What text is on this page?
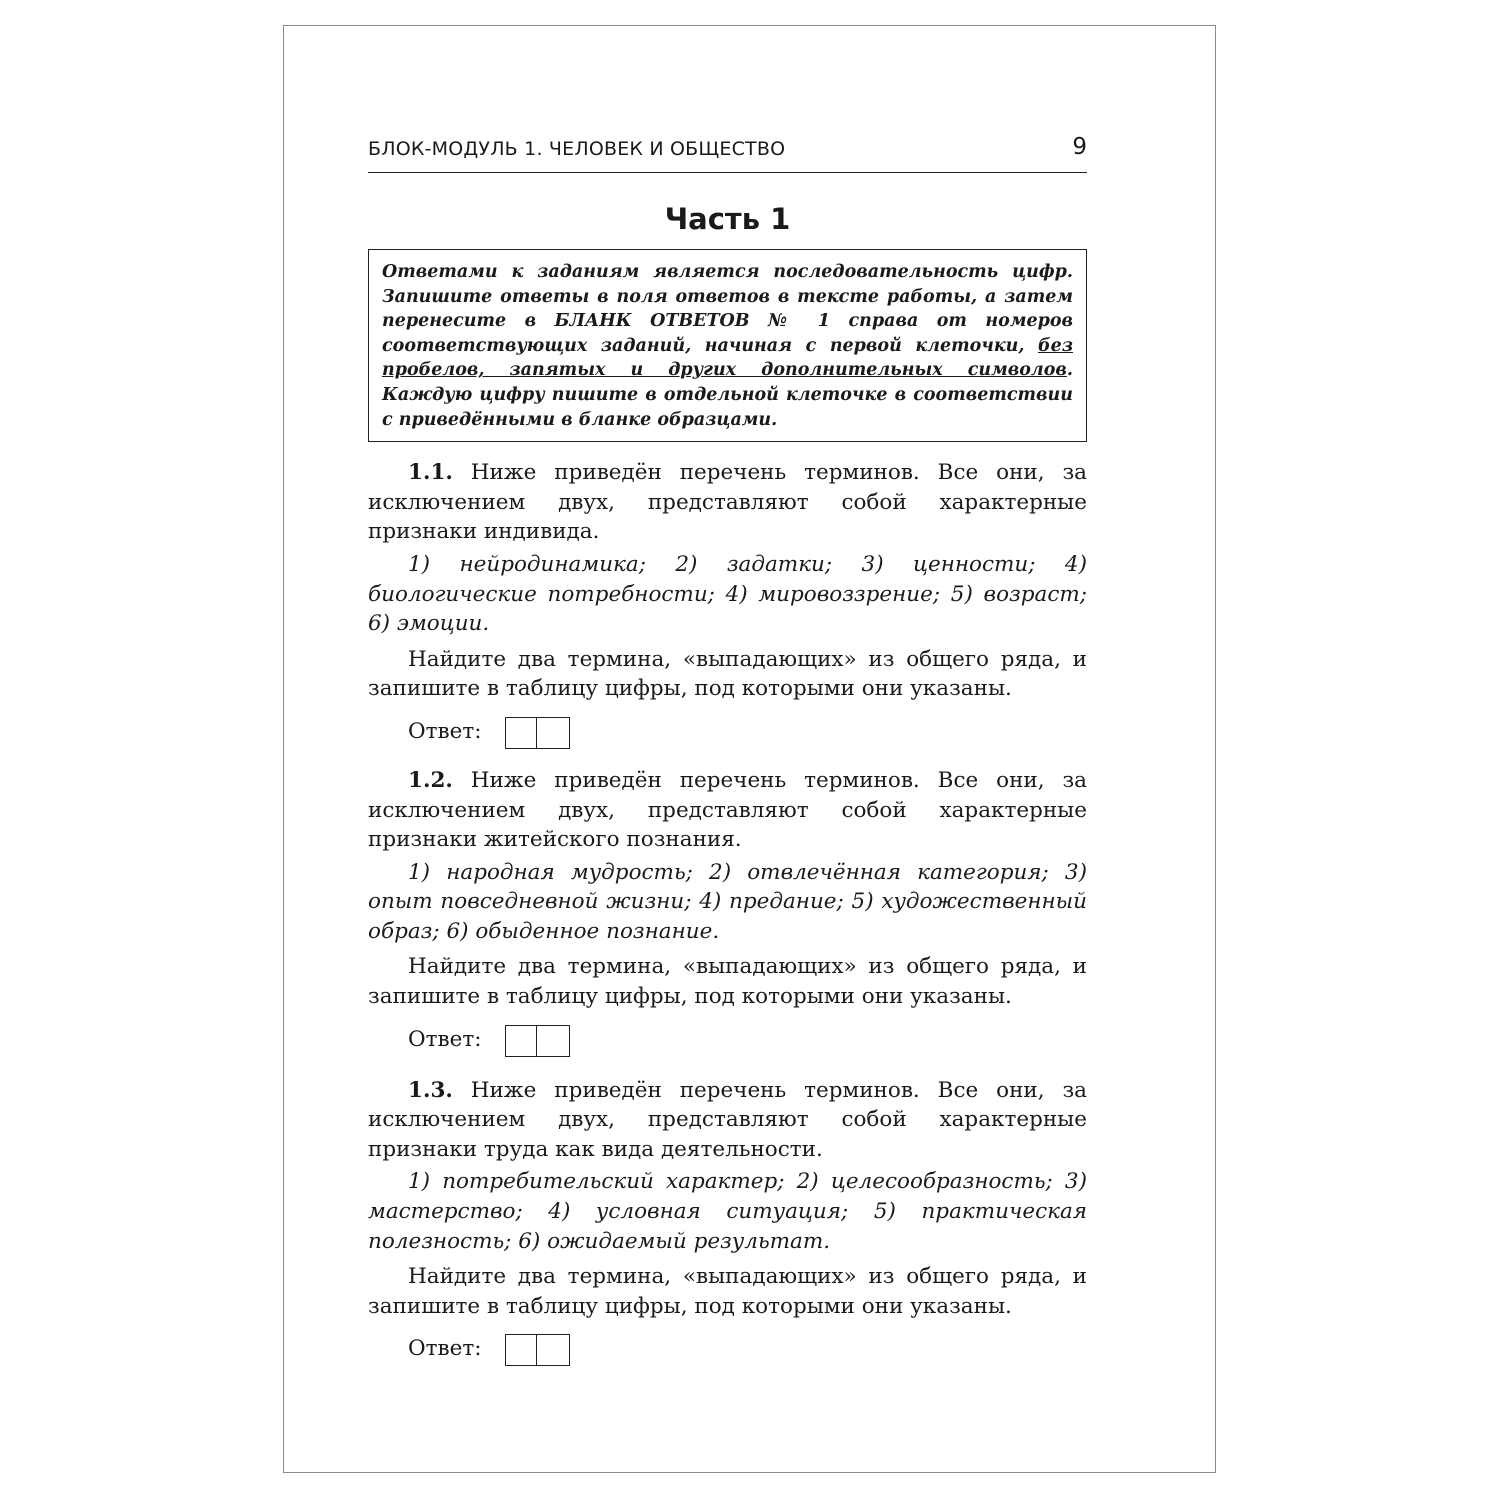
БЛОК-МОДУЛЬ 1. ЧЕЛОВЕК И ОБЩЕСТВО	9
Часть 1
Ответами к заданиям является последовательность цифр. Запишите ответы в поля ответов в тексте работы, а затем перенесите в БЛАНК ОТВЕТОВ № 1 справа от номеров соответствующих заданий, начиная с первой клеточки, без пробелов, запятых и других дополнительных символов. Каждую цифру пишите в отдельной клеточке в соответствии с приведёнными в бланке образцами.

1.1. Ниже приведён перечень терминов. Все они, за исключением двух, представляют собой характерные признаки индивида.

1) нейродинамика; 2) задатки; 3) ценности; 4) биологические потребности; 4) мировоззрение; 5) возраст; 6) эмоции.

Найдите два термина, «выпадающих» из общего ряда, и запишите в таблицу цифры, под которыми они указаны.

Ответ:

1.2. Ниже приведён перечень терминов. Все они, за исключением двух, представляют собой характерные признаки житейского познания.

1) народная мудрость; 2) отвлечённая категория; 3) опыт повседневной жизни; 4) предание; 5) художественный образ; 6) обыденное познание.

Найдите два термина, «выпадающих» из общего ряда, и запишите в таблицу цифры, под которыми они указаны.

Ответ:

1.3. Ниже приведён перечень терминов. Все они, за исключением двух, представляют собой характерные признаки труда как вида деятельности.

1) потребительский характер; 2) целесообразность; 3) мастерство; 4) условная ситуация; 5) практическая полезность; 6) ожидаемый результат.

Найдите два термина, «выпадающих» из общего ряда, и запишите в таблицу цифры, под которыми они указаны.

Ответ:
